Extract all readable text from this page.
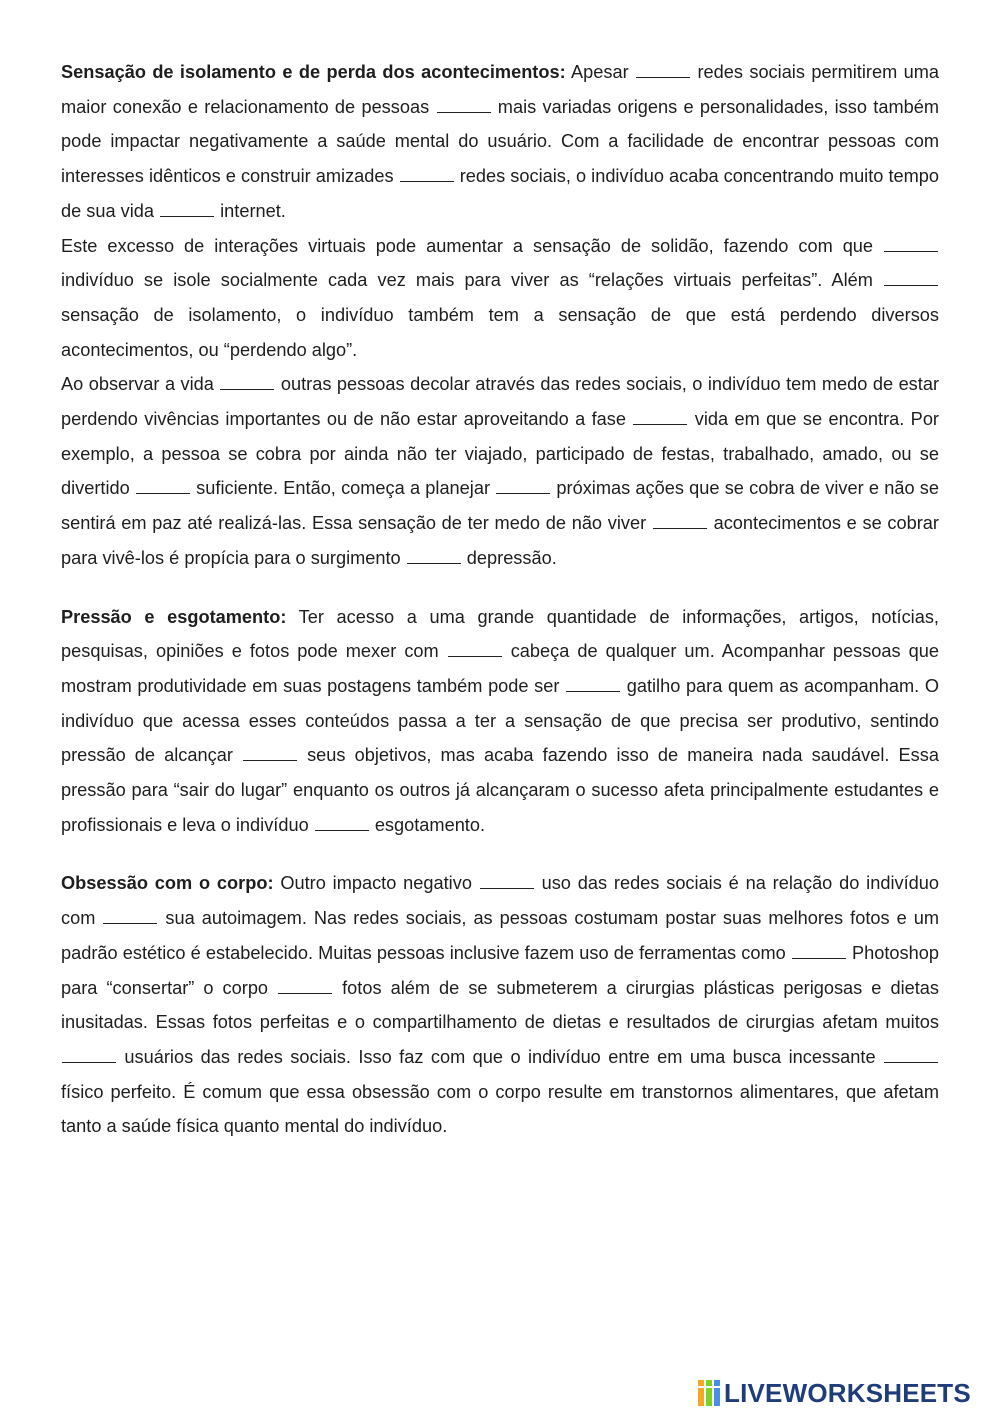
Sensação de isolamento e de perda dos acontecimentos: Apesar	redes sociais permitirem uma maior conexão e relacionamento de pessoas	mais variadas origens e personalidades, isso também pode impactar negativamente a saúde mental do usuário. Com a facilidade de encontrar pessoas com interesses idênticos e construir amizades	redes sociais, o indivíduo acaba concentrando muito tempo de sua vida	internet.

Este excesso de interações virtuais pode aumentar a sensação de solidão, fazendo com que  indivíduo se isole socialmente cada vez mais para viver as “relações virtuais perfeitas”. Além  sensação de isolamento, o indivíduo também tem a sensação de que está perdendo diversos acontecimentos, ou “perdendo algo”.

Ao observar a vida	outras pessoas decolar através das redes sociais, o indivíduo tem medo de estar perdendo vivências importantes ou de não estar aproveitando a fase	vida em que se encontra. Por exemplo, a pessoa se cobra por ainda não ter viajado, participado de festas, trabalhado, amado, ou se divertido	suficiente. Então, começa a planejar	próximas ações que se cobra de viver e não se sentirá em paz até realizá-las. Essa sensação de ter medo de não viver	acontecimentos e se cobrar para vivê-los é propícia para o surgimento	depressão.

Pressão e esgotamento: Ter acesso a uma grande quantidade de informações, artigos, notícias, pesquisas, opiniões e fotos pode mexer com	cabeça de qualquer um. Acompanhar pessoas que mostram produtividade em suas postagens também pode ser	gatilho para quem as acompanham. O indivíduo que acessa esses conteúdos passa a ter a sensação de que precisa ser produtivo, sentindo pressão de alcançar	seus objetivos, mas acaba fazendo isso de maneira nada saudável. Essa pressão para “sair do lugar” enquanto os outros já alcançaram o sucesso afeta principalmente estudantes e profissionais e leva o indivíduo	esgotamento.

Obsessão com o corpo: Outro impacto negativo	uso das redes sociais é na relação do indivíduo com	sua autoimagem. Nas redes sociais, as pessoas costumam postar suas melhores fotos e um padrão estético é estabelecido. Muitas pessoas inclusive fazem uso de ferramentas como	Photoshop para “consertar” o corpo	fotos além de se submeterem a cirurgias plásticas perigosas e dietas inusitadas. Essas fotos perfeitas e o compartilhamento de dietas e resultados de cirurgias afetam muitos  usuários das redes sociais. Isso faz com que o indivíduo entre em uma busca incessante  físico perfeito. É comum que essa obsessão com o corpo resulte em transtornos alimentares, que afetam tanto a saúde física quanto mental do indivíduo.

LIVEWORKSHEETS
